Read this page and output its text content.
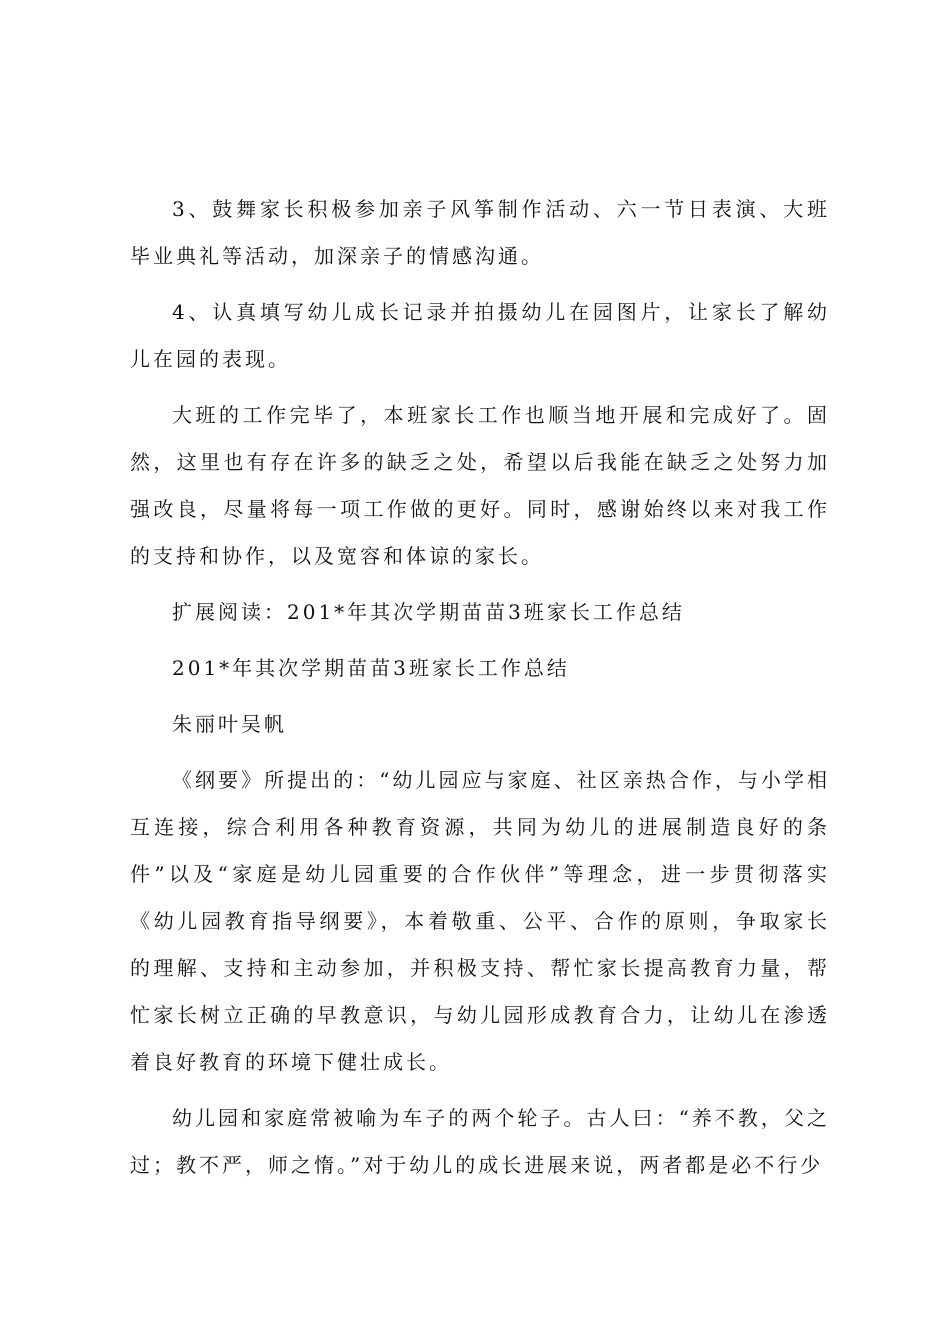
3、鼓舞家长积极参加亲子风筝制作活动、六一节日表演、大班毕业典礼等活动，加深亲子的情感沟通。

4、认真填写幼儿成长记录并拍摄幼儿在园图片，让家长了解幼儿在园的表现。

大班的工作完毕了，本班家长工作也顺当地开展和完成好了。固然，这里也有存在许多的缺乏之处，希望以后我能在缺乏之处努力加强改良，尽量将每一项工作做的更好。同时，感谢始终以来对我工作的支持和协作，以及宽容和体谅的家长。

扩展阅读：201*年其次学期苗苗3班家长工作总结

201*年其次学期苗苗3班家长工作总结

朱丽叶吴帆

《纲要》所提出的：“幼儿园应与家庭、社区亲热合作，与小学相互连接，综合利用各种教育资源，共同为幼儿的进展制造良好的条件”以及“家庭是幼儿园重要的合作伙伴”等理念，进一步贯彻落实《幼儿园教育指导纲要》，本着敬重、公平、合作的原则，争取家长的理解、支持和主动参加，并积极支持、帮忙家长提高教育力量，帮忙家长树立正确的早教意识，与幼儿园形成教育合力，让幼儿在渗透着良好教育的环境下健壮成长。

幼儿园和家庭常被喻为车子的两个轮子。古人曰：“养不教，父之过；教不严，师之惰。”对于幼儿的成长进展来说，两者都是必不行少
